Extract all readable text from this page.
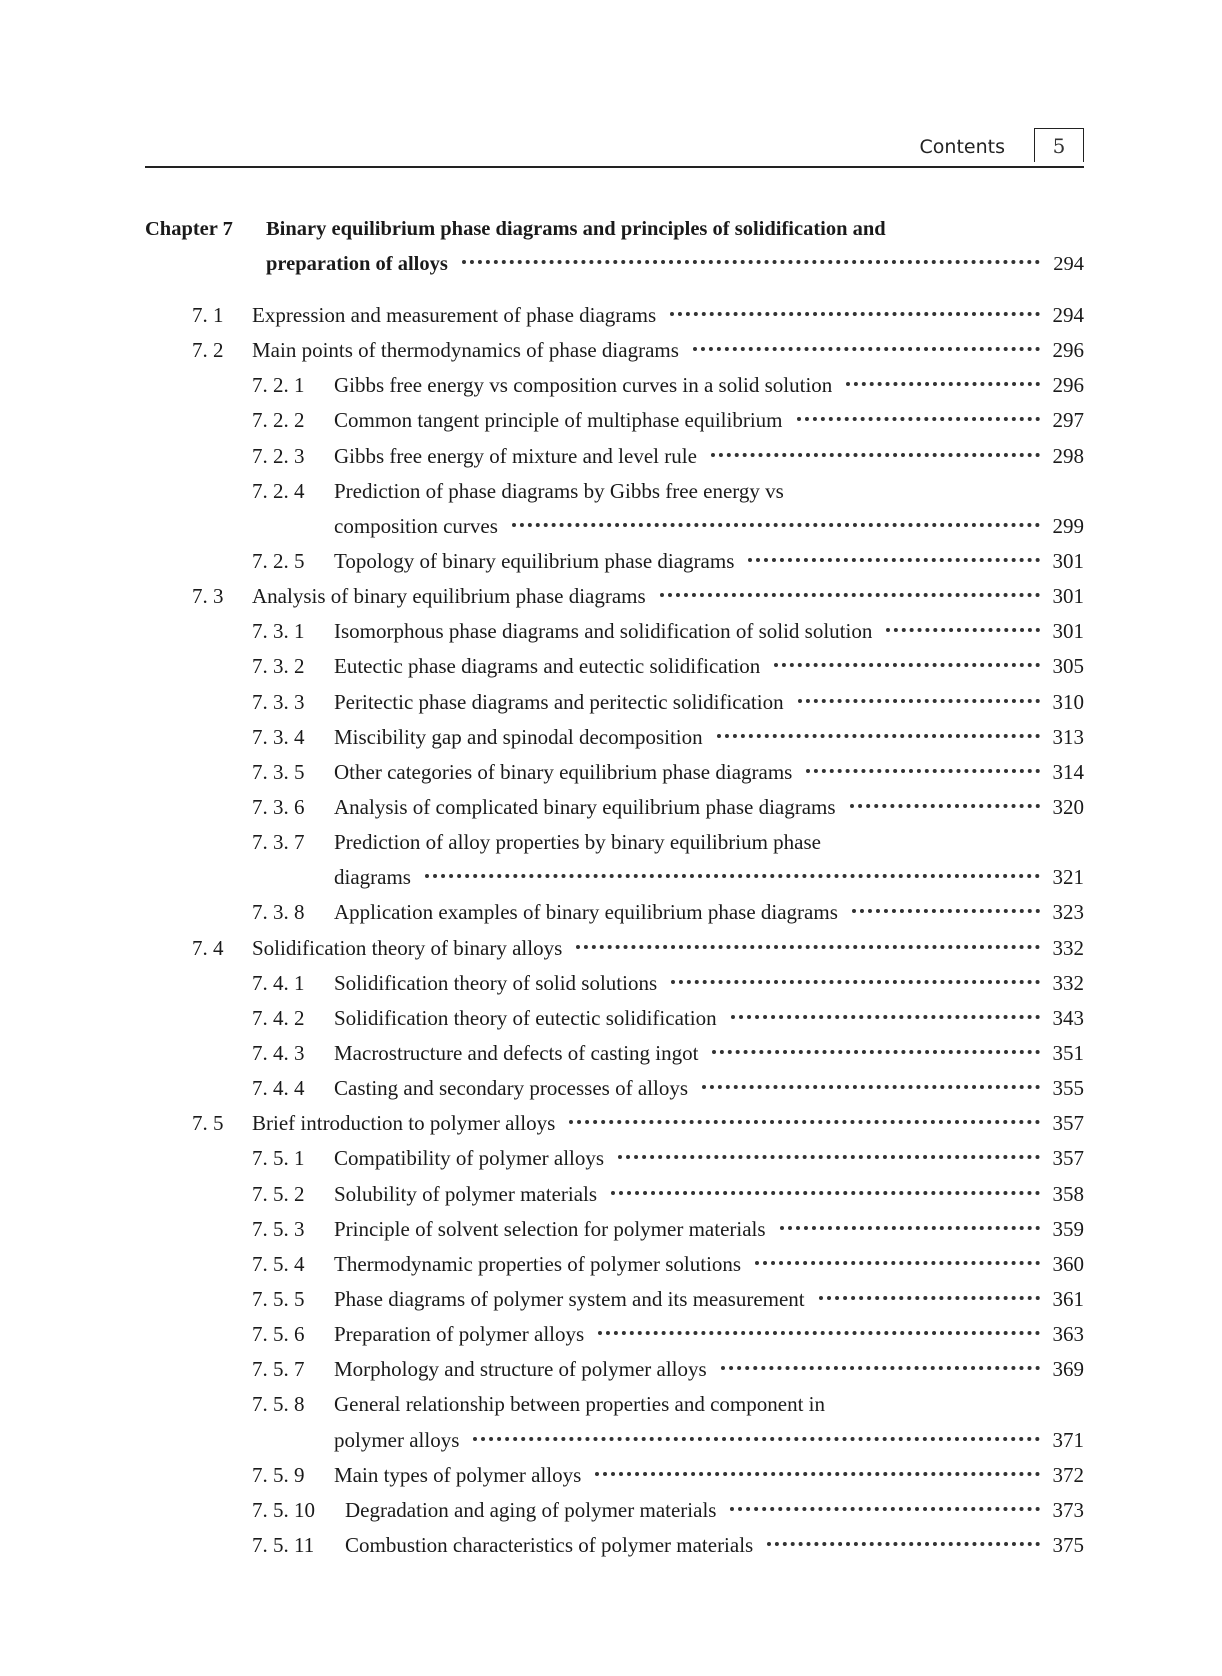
Contents	5
Chapter 7 Binary equilibrium phase diagrams and principles of solidification and
preparation of alloys	294
7. 1 Expression and measurement of phase diagrams	294
7. 2 Main points of thermodynamics of phase diagrams	296
7. 2. 1 Gibbs free energy vs composition curves in a solid solution	296
7. 2. 2 Common tangent principle of multiphase equilibrium	297
7. 2. 3 Gibbs free energy of mixture and level rule	298
7. 2. 4 Prediction of phase diagrams by Gibbs free energy vs
composition curves	299
7. 2. 5 Topology of binary equilibrium phase diagrams	301
7. 3 Analysis of binary equilibrium phase diagrams	301
7. 3. 1 Isomorphous phase diagrams and solidification of solid solution	301
7. 3. 2 Eutectic phase diagrams and eutectic solidification	305
7. 3. 3 Peritectic phase diagrams and peritectic solidification	310
7. 3. 4 Miscibility gap and spinodal decomposition	313
7. 3. 5 Other categories of binary equilibrium phase diagrams	314
7. 3. 6 Analysis of complicated binary equilibrium phase diagrams	320
7. 3. 7 Prediction of alloy properties by binary equilibrium phase
diagrams	321
7. 3. 8 Application examples of binary equilibrium phase diagrams	323
7. 4 Solidification theory of binary alloys	332
7. 4. 1 Solidification theory of solid solutions	332
7. 4. 2 Solidification theory of eutectic solidification	343
7. 4. 3 Macrostructure and defects of casting ingot	351
7. 4. 4 Casting and secondary processes of alloys	355
7. 5 Brief introduction to polymer alloys	357
7. 5. 1 Compatibility of polymer alloys	357
7. 5. 2 Solubility of polymer materials	358
7. 5. 3 Principle of solvent selection for polymer materials	359
7. 5. 4 Thermodynamic properties of polymer solutions	360
7. 5. 5 Phase diagrams of polymer system and its measurement	361
7. 5. 6 Preparation of polymer alloys	363
7. 5. 7 Morphology and structure of polymer alloys	369
7. 5. 8 General relationship between properties and component in
polymer alloys	371
7. 5. 9 Main types of polymer alloys	372
7. 5. 10 Degradation and aging of polymer materials	373
7. 5. 11 Combustion characteristics of polymer materials	375
